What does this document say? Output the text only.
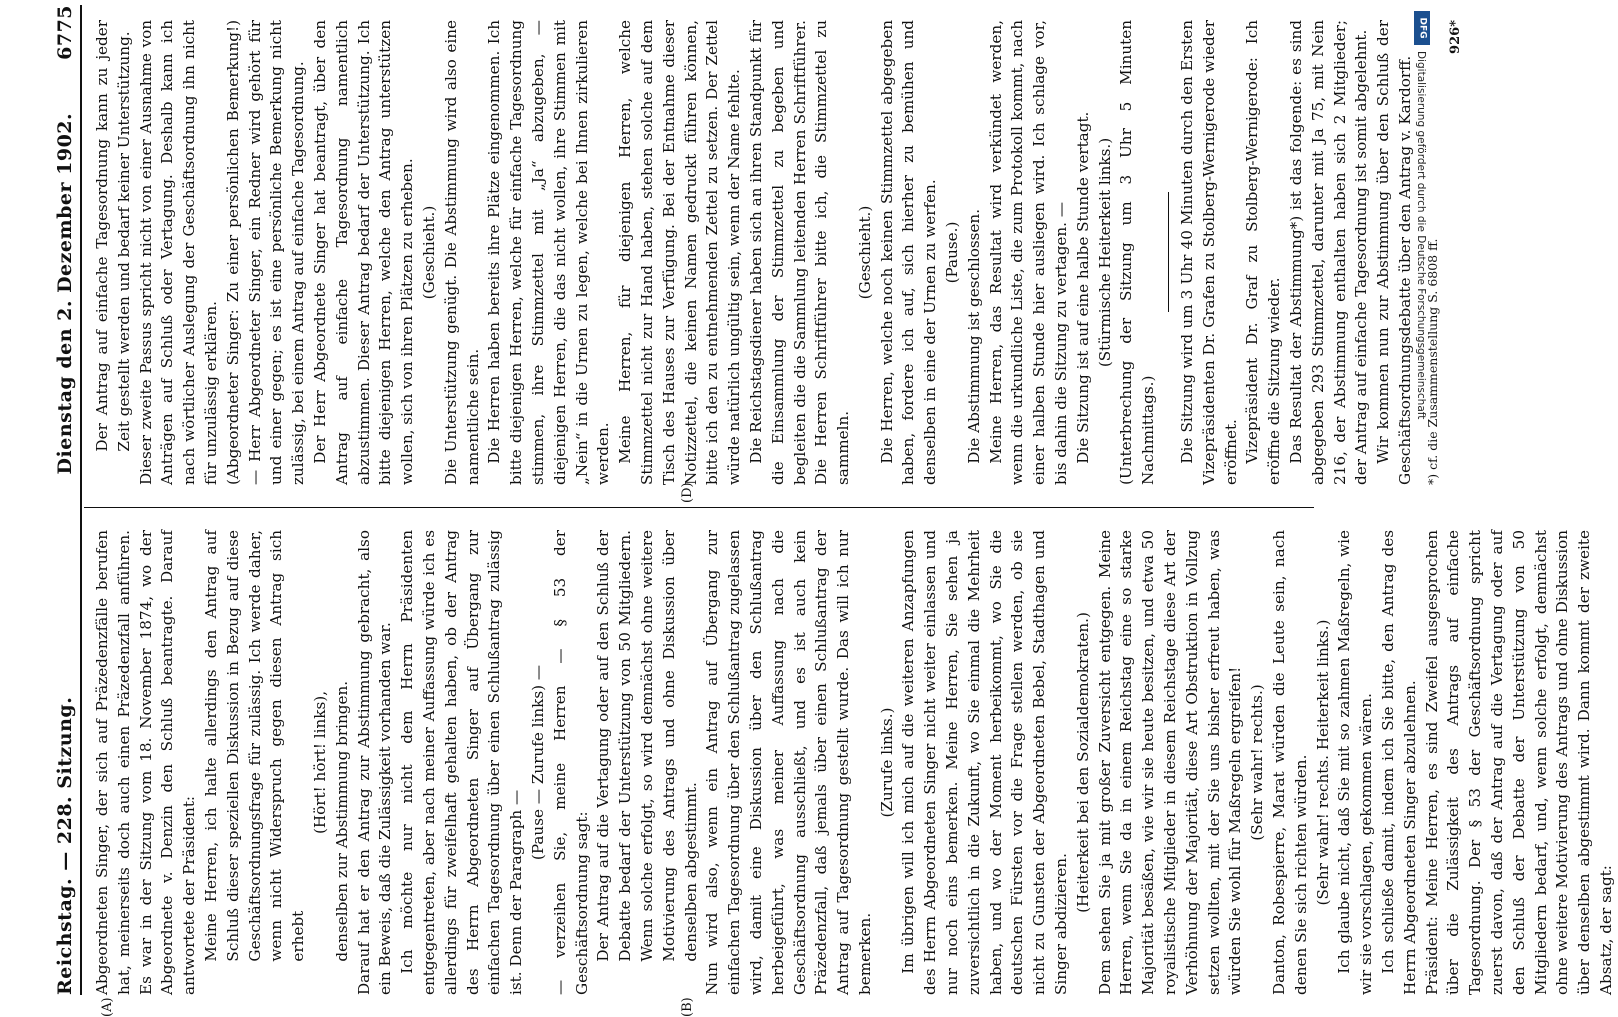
Reichstag. — 228. Sitzung.
Dienstag den 2. Dezember 1902.
6775
(A)	(B)
(D)

Abgeordneten Singer, der sich auf Präzedenzfälle berufen hat, meinerseits doch auch einen Präzedenzfall anführen. Es war in der Sitzung vom 18. November 1874, wo der Abgeordnete v. Denzin den Schluß beantragte. Darauf antwortete der Präsident: Meine Herren, ich halte allerdings den Antrag auf Schluß dieser speziellen Diskussion in Bezug auf diese Geschäftsordnungsfrage für zulässig. Ich werde daher, wenn nicht Widerspruch gegen diesen Antrag sich erhebt

(Hört! hört! links), denselben zur Abstimmung bringen. Darauf hat er den Antrag zur Abstimmung gebracht, also ein Beweis, daß die Zulässigkeit vorhanden war. Ich möchte nur nicht dem Herrn Präsidenten entgegentreten, aber nach meiner Auffassung würde ich es allerdings für zweifelhaft gehalten haben, ob der Antrag des Herrn Abgeordneten Singer auf Übergang zur einfachen Tagesordnung über einen Schlußantrag zulässig ist. Denn der Paragraph —

(Pause — Zurufe links) — — verzeihen Sie, meine Herren — § 53 der Geschäftsordnung sagt: Der Antrag auf die Vertagung oder auf den Schluß der Debatte bedarf der Unterstützung von 50 Mitgliedern. Wenn solche erfolgt, so wird demnächst ohne weitere Motivierung des Antrags und ohne Diskussion über denselben abgestimmt. Nun wird also, wenn ein Antrag auf Übergang zur einfachen Tagesordnung über den Schlußantrag zugelassen wird, damit eine Diskussion über den Schlußantrag herbeigeführt, was meiner Auffassung nach die Geschäftsordnung ausschließt, und es ist auch kein Präzedenzfall, daß jemals über einen Schlußantrag der Antrag auf Tagesordnung gestellt wurde. Das will ich nur bemerken.

(Zurufe links.) Im übrigen will ich mich auf die weiteren Anzapfungen des Herrn Abgeordneten Singer nicht weiter einlassen und nur noch eins bemerken. Meine Herren, Sie sehen ja zuversichtlich in die Zukunft, wo Sie einmal die Mehrheit haben, und wo der Moment herbeikommt, wo Sie die deutschen Fürsten vor die Frage stellen werden, ob sie nicht zu Gunsten der Abgeordneten Bebel, Stadthagen und Singer abdizieren.

(Heiterkeit bei den Sozialdemokraten.) Dem sehen Sie ja mit großer Zuversicht entgegen. Meine Herren, wenn Sie da in einem Reichstag eine so starke Majorität besäßen, wie wir sie heute besitzen, und etwa 50 royalistische Mitglieder in diesem Reichstage diese Art der Verhöhnung der Majorität, diese Art Obstruktion in Vollzug setzen wollten, mit der Sie uns bisher erfreut haben, was würden Sie wohl für Maßregeln ergreifen! (Sehr wahr! rechts.) Danton, Robespierre, Marat würden die Leute sein, nach denen Sie sich richten würden. (Sehr wahr! rechts. Heiterkeit links.) Ich glaube nicht, daß Sie mit so zahmen Maßregeln, wie wir sie vorschlagen, gekommen wären. Ich schließe damit, indem ich Sie bitte, den Antrag des Herrn Abgeordneten Singer abzulehnen. Präsident: Meine Herren, es sind Zweifel ausgesprochen über die Zulässigkeit des Antrags auf einfache Tagesordnung. Der § 53 der Geschäftsordnung spricht zuerst davon, daß der Antrag auf die Vertagung oder auf den Schluß der Debatte der Unterstützung von 50 Mitgliedern bedarf, und, wenn solche erfolgt, demnächst ohne weitere Motivierung des Antrags und ohne Diskussion über denselben abgestimmt wird. Dann kommt der zweite Absatz, der sagt:

Der Antrag auf einfache Tagesordnung kann zu jeder Zeit gestellt werden und bedarf keiner Unterstützung. Dieser zweite Passus spricht nicht von einer Ausnahme von Anträgen auf Schluß oder Vertagung. Deshalb kann ich nach wörtlicher Auslegung der Geschäftsordnung ihn nicht für unzulässig erklären. (Abgeordneter Singer: Zu einer persönlichen Bemerkung!) — Herr Abgeordneter Singer, ein Redner wird gehört für und einer gegen; es ist eine persönliche Bemerkung nicht zulässig, bei einem Antrag auf einfache Tagesordnung. Der Herr Abgeordnete Singer hat beantragt, über den Antrag auf einfache Tagesordnung namentlich abzustimmen. Dieser Antrag bedarf der Unterstützung. Ich bitte diejenigen Herren, welche den Antrag unterstützen wollen, sich von ihren Plätzen zu erheben. (Geschieht.) Die Unterstützung genügt. Die Abstimmung wird also eine namentliche sein. Die Herren haben bereits ihre Plätze eingenommen. Ich bitte diejenigen Herren, welche für einfache Tagesordnung stimmen, ihre Stimmzettel mit „Ja“ abzugeben, — diejenigen Herren, die das nicht wollen, ihre Stimmen mit „Nein“ in die Urnen zu legen, welche bei Ihnen zirkulieren werden. Meine Herren, für diejenigen Herren, welche Stimmzettel nicht zur Hand haben, stehen solche auf dem Tisch des Hauses zur Verfügung. Bei der Entnahme dieser Notizzettel, die keinen Namen gedruckt führen können, bitte ich den zu entnehmenden Zettel zu setzen. Der Zettel würde natürlich ungültig sein, wenn der Name fehlte. Die Reichstagsdiener haben sich an ihren Standpunkt für die Einsammlung der Stimmzettel zu begeben und begleiten die die Sammlung leitenden Herren Schriftführer. Die Herren Schriftführer bitte ich, die Stimmzettel zu sammeln.

(Geschieht.) Die Herren, welche noch keinen Stimmzettel abgegeben haben, fordere ich auf, sich hierher zu bemühen und denselben in eine der Urnen zu werfen. (Pause.) Die Abstimmung ist geschlossen. Meine Herren, das Resultat wird verkündet werden, wenn die urkundliche Liste, die zum Protokoll kommt, nach einer halben Stunde hier ausliegen wird. Ich schlage vor, bis dahin die Sitzung zu vertagen. — Die Sitzung ist auf eine halbe Stunde vertagt. (Stürmische Heiterkeit links.) (Unterbrechung der Sitzung um 3 Uhr 5 Minuten Nachmittags.) Die Sitzung wird um 3 Uhr 40 Minuten durch den Ersten Vizepräsidenten Dr. Grafen zu Stolberg-Wernigerode wieder eröffnet. Vizepräsident Dr. Graf zu Stolberg-Wernigerode: Ich eröffne die Sitzung wieder. Das Resultat der Abstimmung*) ist das folgende: es sind abgegeben 293 Stimmzettel, darunter mit Ja 75, mit Nein 216, der Abstimmung enthalten haben sich 2 Mitglieder; der Antrag auf einfache Tagesordnung ist somit abgelehnt. Wir kommen nun zur Abstimmung über den Schluß der Geschäftsordnungsdebatte über den Antrag v. Kardorff. *) cf. die Zusammenstellung S. 6808 ff.
926*
DFG
Digitalisierung gefördert durch die Deutsche Forschungsgemeinschaft
